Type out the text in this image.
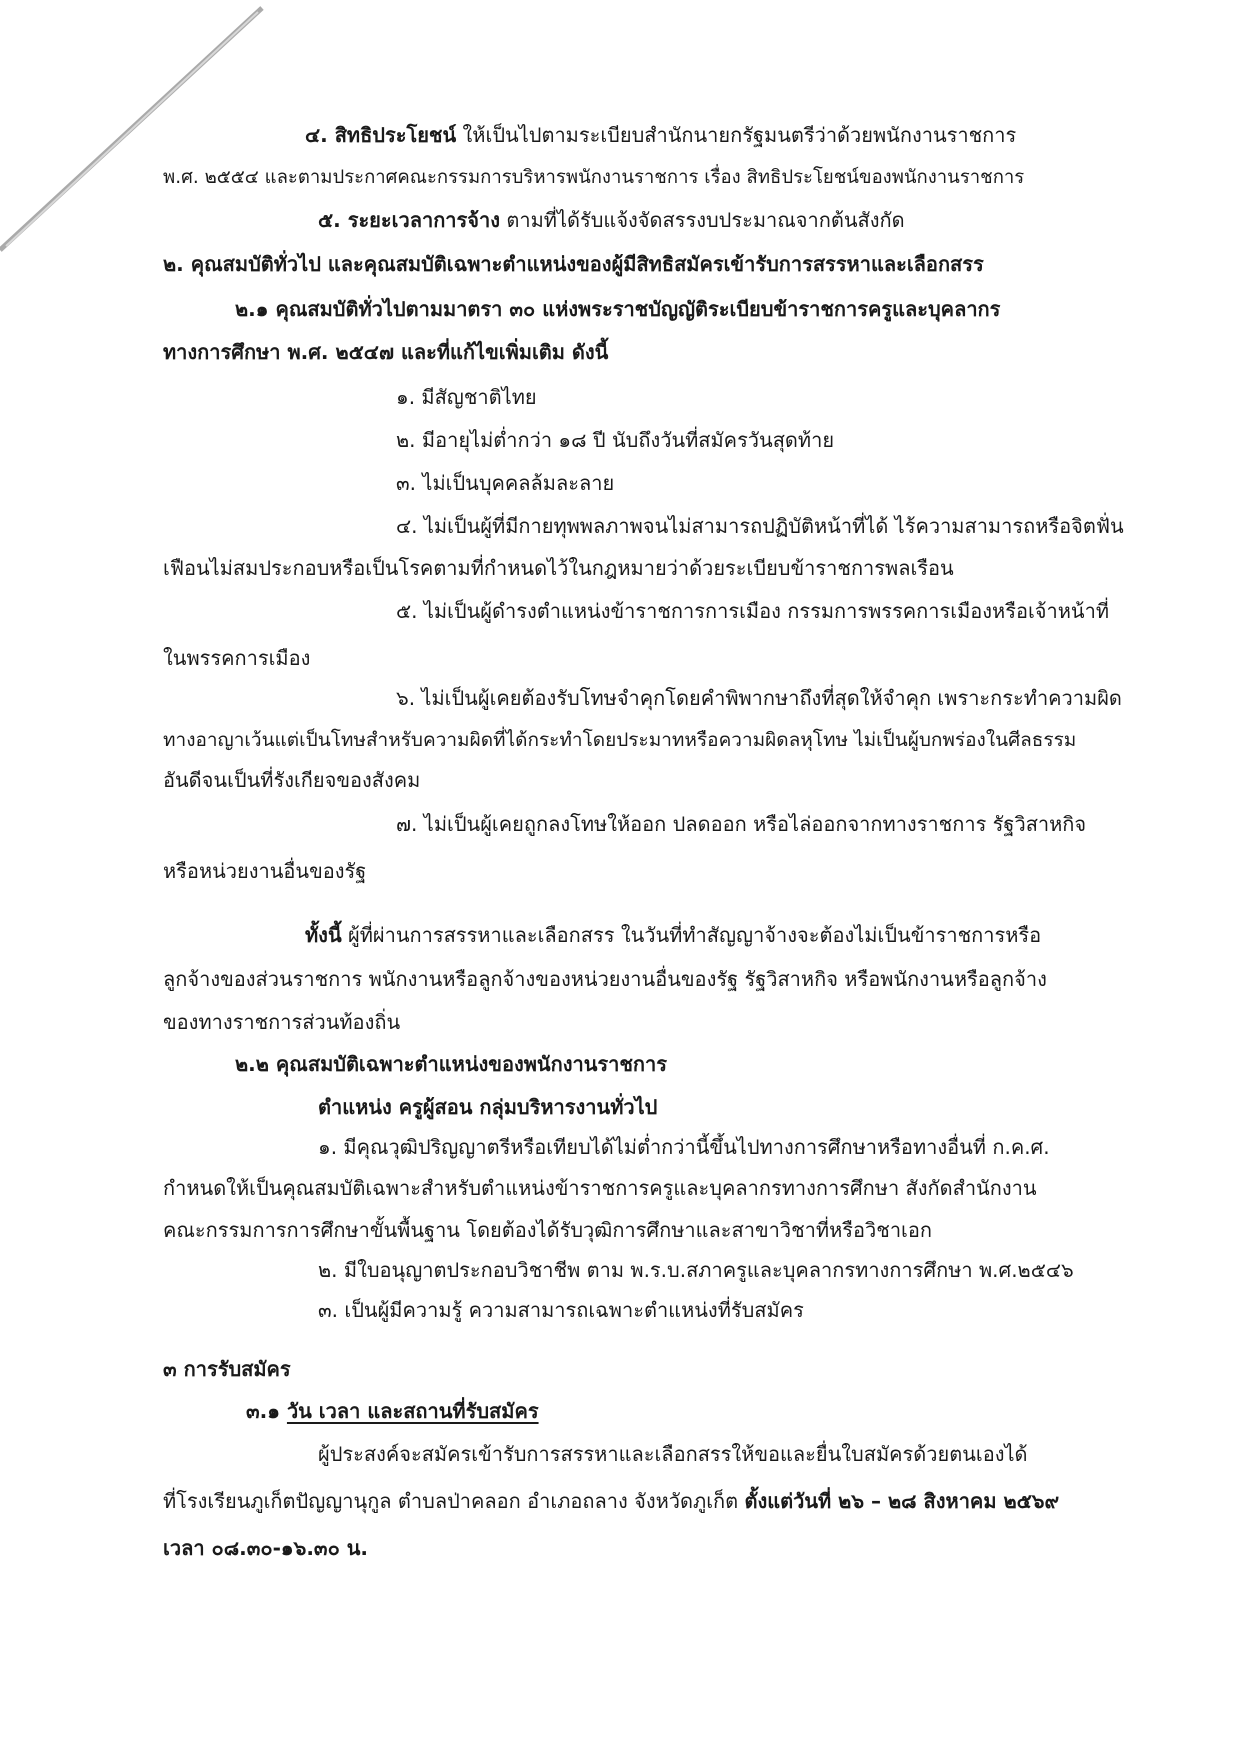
๔. สิทธิประโยชน์ ให้เป็นไปตามระเบียบสำนักนายกรัฐมนตรีว่าด้วยพนักงานราชการ
พ.ศ. ๒๕๕๔ และตามประกาศคณะกรรมการบริหารพนักงานราชการ เรื่อง สิทธิประโยชน์ของพนักงานราชการ
๕. ระยะเวลาการจ้าง ตามที่ได้รับแจ้งจัดสรรงบประมาณจากต้นสังกัด
๒. คุณสมบัติทั่วไป และคุณสมบัติเฉพาะตำแหน่งของผู้มีสิทธิสมัครเข้ารับการสรรหาและเลือกสรร
๒.๑ คุณสมบัติทั่วไปตามมาตรา ๓๐ แห่งพระราชบัญญัติระเบียบข้าราชการครูและบุคลากร
ทางการศึกษา พ.ศ. ๒๕๔๗ และที่แก้ไขเพิ่มเติม ดังนี้
๑. มีสัญชาติไทย
๒. มีอายุไม่ต่ำกว่า ๑๘ ปี นับถึงวันที่สมัครวันสุดท้าย
๓. ไม่เป็นบุคคลล้มละลาย
๔. ไม่เป็นผู้ที่มีกายทุพพลภาพจนไม่สามารถปฏิบัติหน้าที่ได้ ไร้ความสามารถหรือจิตฟั่น
เฟือนไม่สมประกอบหรือเป็นโรคตามที่กำหนดไว้ในกฎหมายว่าด้วยระเบียบข้าราชการพลเรือน
๕. ไม่เป็นผู้ดำรงตำแหน่งข้าราชการการเมือง กรรมการพรรคการเมืองหรือเจ้าหน้าที่
ในพรรคการเมือง
๖. ไม่เป็นผู้เคยต้องรับโทษจำคุกโดยคำพิพากษาถึงที่สุดให้จำคุก เพราะกระทำความผิด
ทางอาญาเว้นแต่เป็นโทษสำหรับความผิดที่ได้กระทำโดยประมาทหรือความผิดลหุโทษ ไม่เป็นผู้บกพร่องในศีลธรรม
อันดีจนเป็นที่รังเกียจของสังคม
๗. ไม่เป็นผู้เคยถูกลงโทษให้ออก ปลดออก หรือไล่ออกจากทางราชการ รัฐวิสาหกิจ
หรือหน่วยงานอื่นของรัฐ
ทั้งนี้ ผู้ที่ผ่านการสรรหาและเลือกสรร ในวันที่ทำสัญญาจ้างจะต้องไม่เป็นข้าราชการหรือ
ลูกจ้างของส่วนราชการ พนักงานหรือลูกจ้างของหน่วยงานอื่นของรัฐ รัฐวิสาหกิจ หรือพนักงานหรือลูกจ้าง
ของทางราชการส่วนท้องถิ่น
๒.๒ คุณสมบัติเฉพาะตำแหน่งของพนักงานราชการ
ตำแหน่ง ครูผู้สอน กลุ่มบริหารงานทั่วไป
๑. มีคุณวุฒิปริญญาตรีหรือเทียบได้ไม่ต่ำกว่านี้ขึ้นไปทางการศึกษาหรือทางอื่นที่ ก.ค.ศ.
กำหนดให้เป็นคุณสมบัติเฉพาะสำหรับตำแหน่งข้าราชการครูและบุคลากรทางการศึกษา สังกัดสำนักงาน
คณะกรรมการการศึกษาขั้นพื้นฐาน โดยต้องได้รับวุฒิการศึกษาและสาขาวิชาที่หรือวิชาเอก
๒. มีใบอนุญาตประกอบวิชาชีพ ตาม พ.ร.บ.สภาครูและบุคลากรทางการศึกษา พ.ศ.๒๕๔๖
๓. เป็นผู้มีความรู้ ความสามารถเฉพาะตำแหน่งที่รับสมัคร
๓ การรับสมัคร
๓.๑ วัน เวลา และสถานที่รับสมัคร
ผู้ประสงค์จะสมัครเข้ารับการสรรหาและเลือกสรรให้ขอและยื่นใบสมัครด้วยตนเองได้
ที่โรงเรียนภูเก็ตปัญญานุกูล ตำบลป่าคลอก อำเภอถลาง จังหวัดภูเก็ต ตั้งแต่วันที่ ๒๖ – ๒๘ สิงหาคม ๒๕๖๙
เวลา ๐๘.๓๐-๑๖.๓๐ น.
